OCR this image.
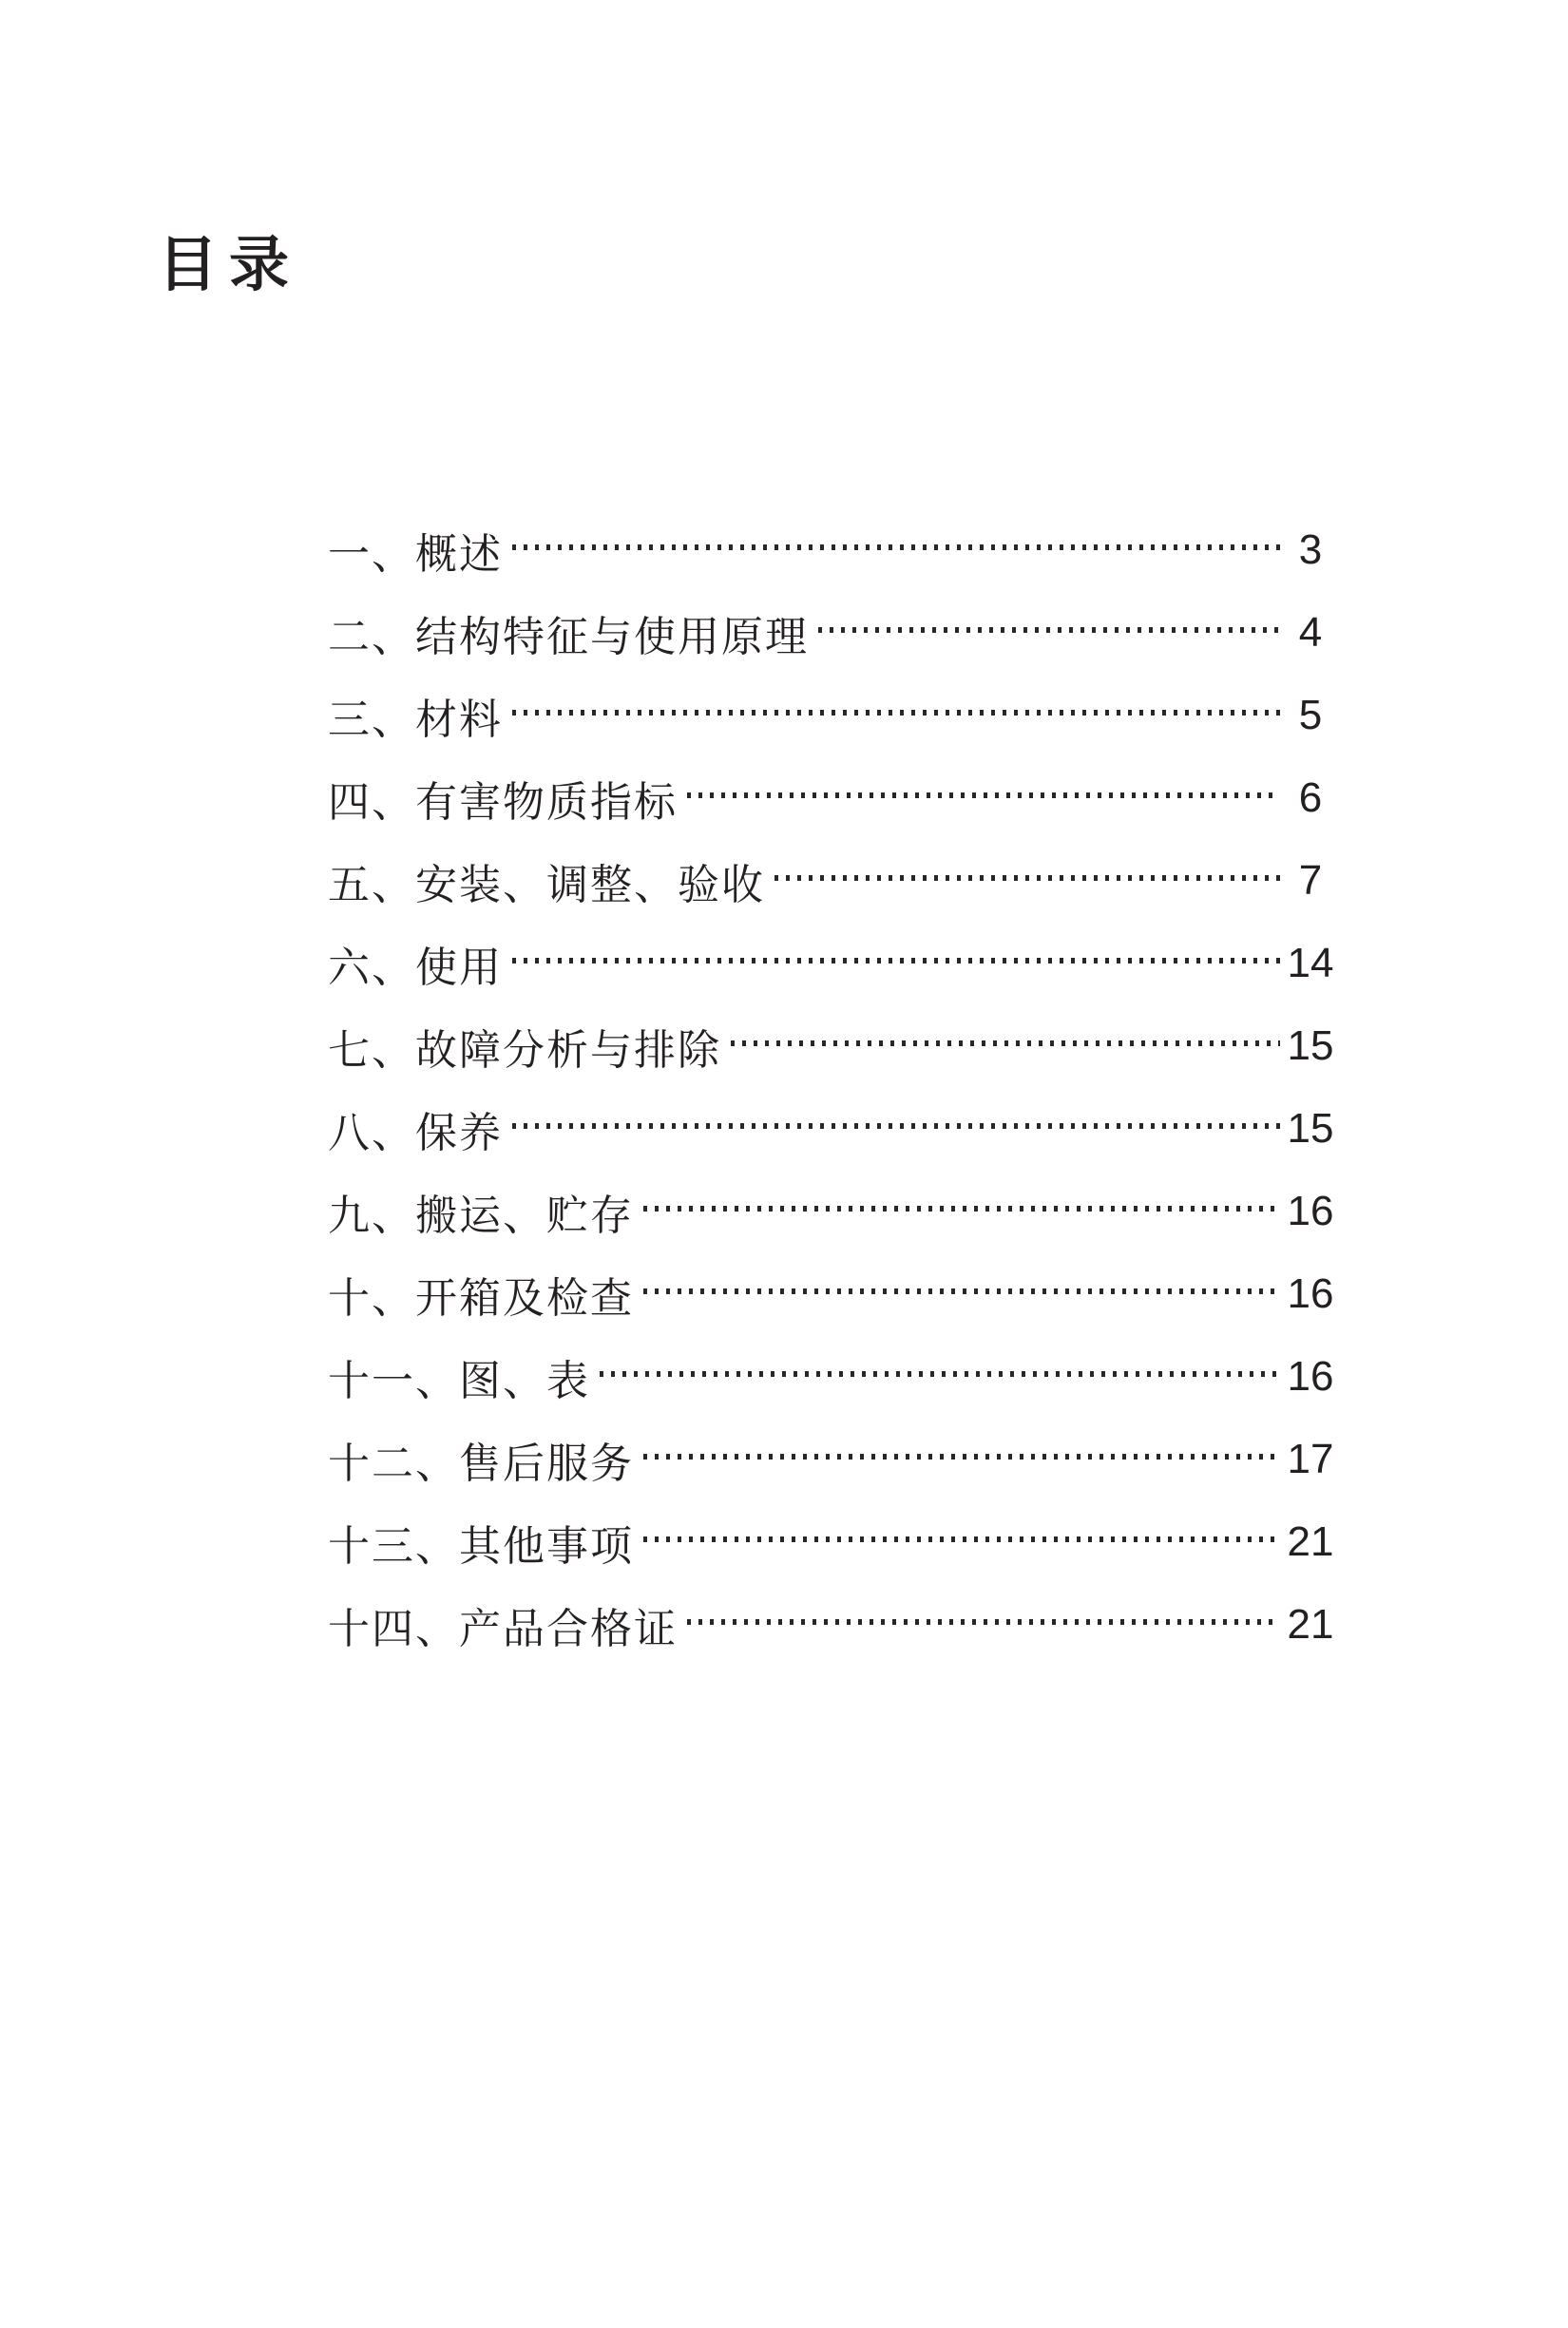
目录
一、概述	3
二、结构特征与使用原理	4
三、材料	5
四、有害物质指标	6
五、安装、调整、验收	7
六、使用	14
七、故障分析与排除	15
八、保养	15
九、搬运、贮存	16
十、开箱及检查	16
十一、图、表	16
十二、售后服务	17
十三、其他事项	21
十四、产品合格证	21
